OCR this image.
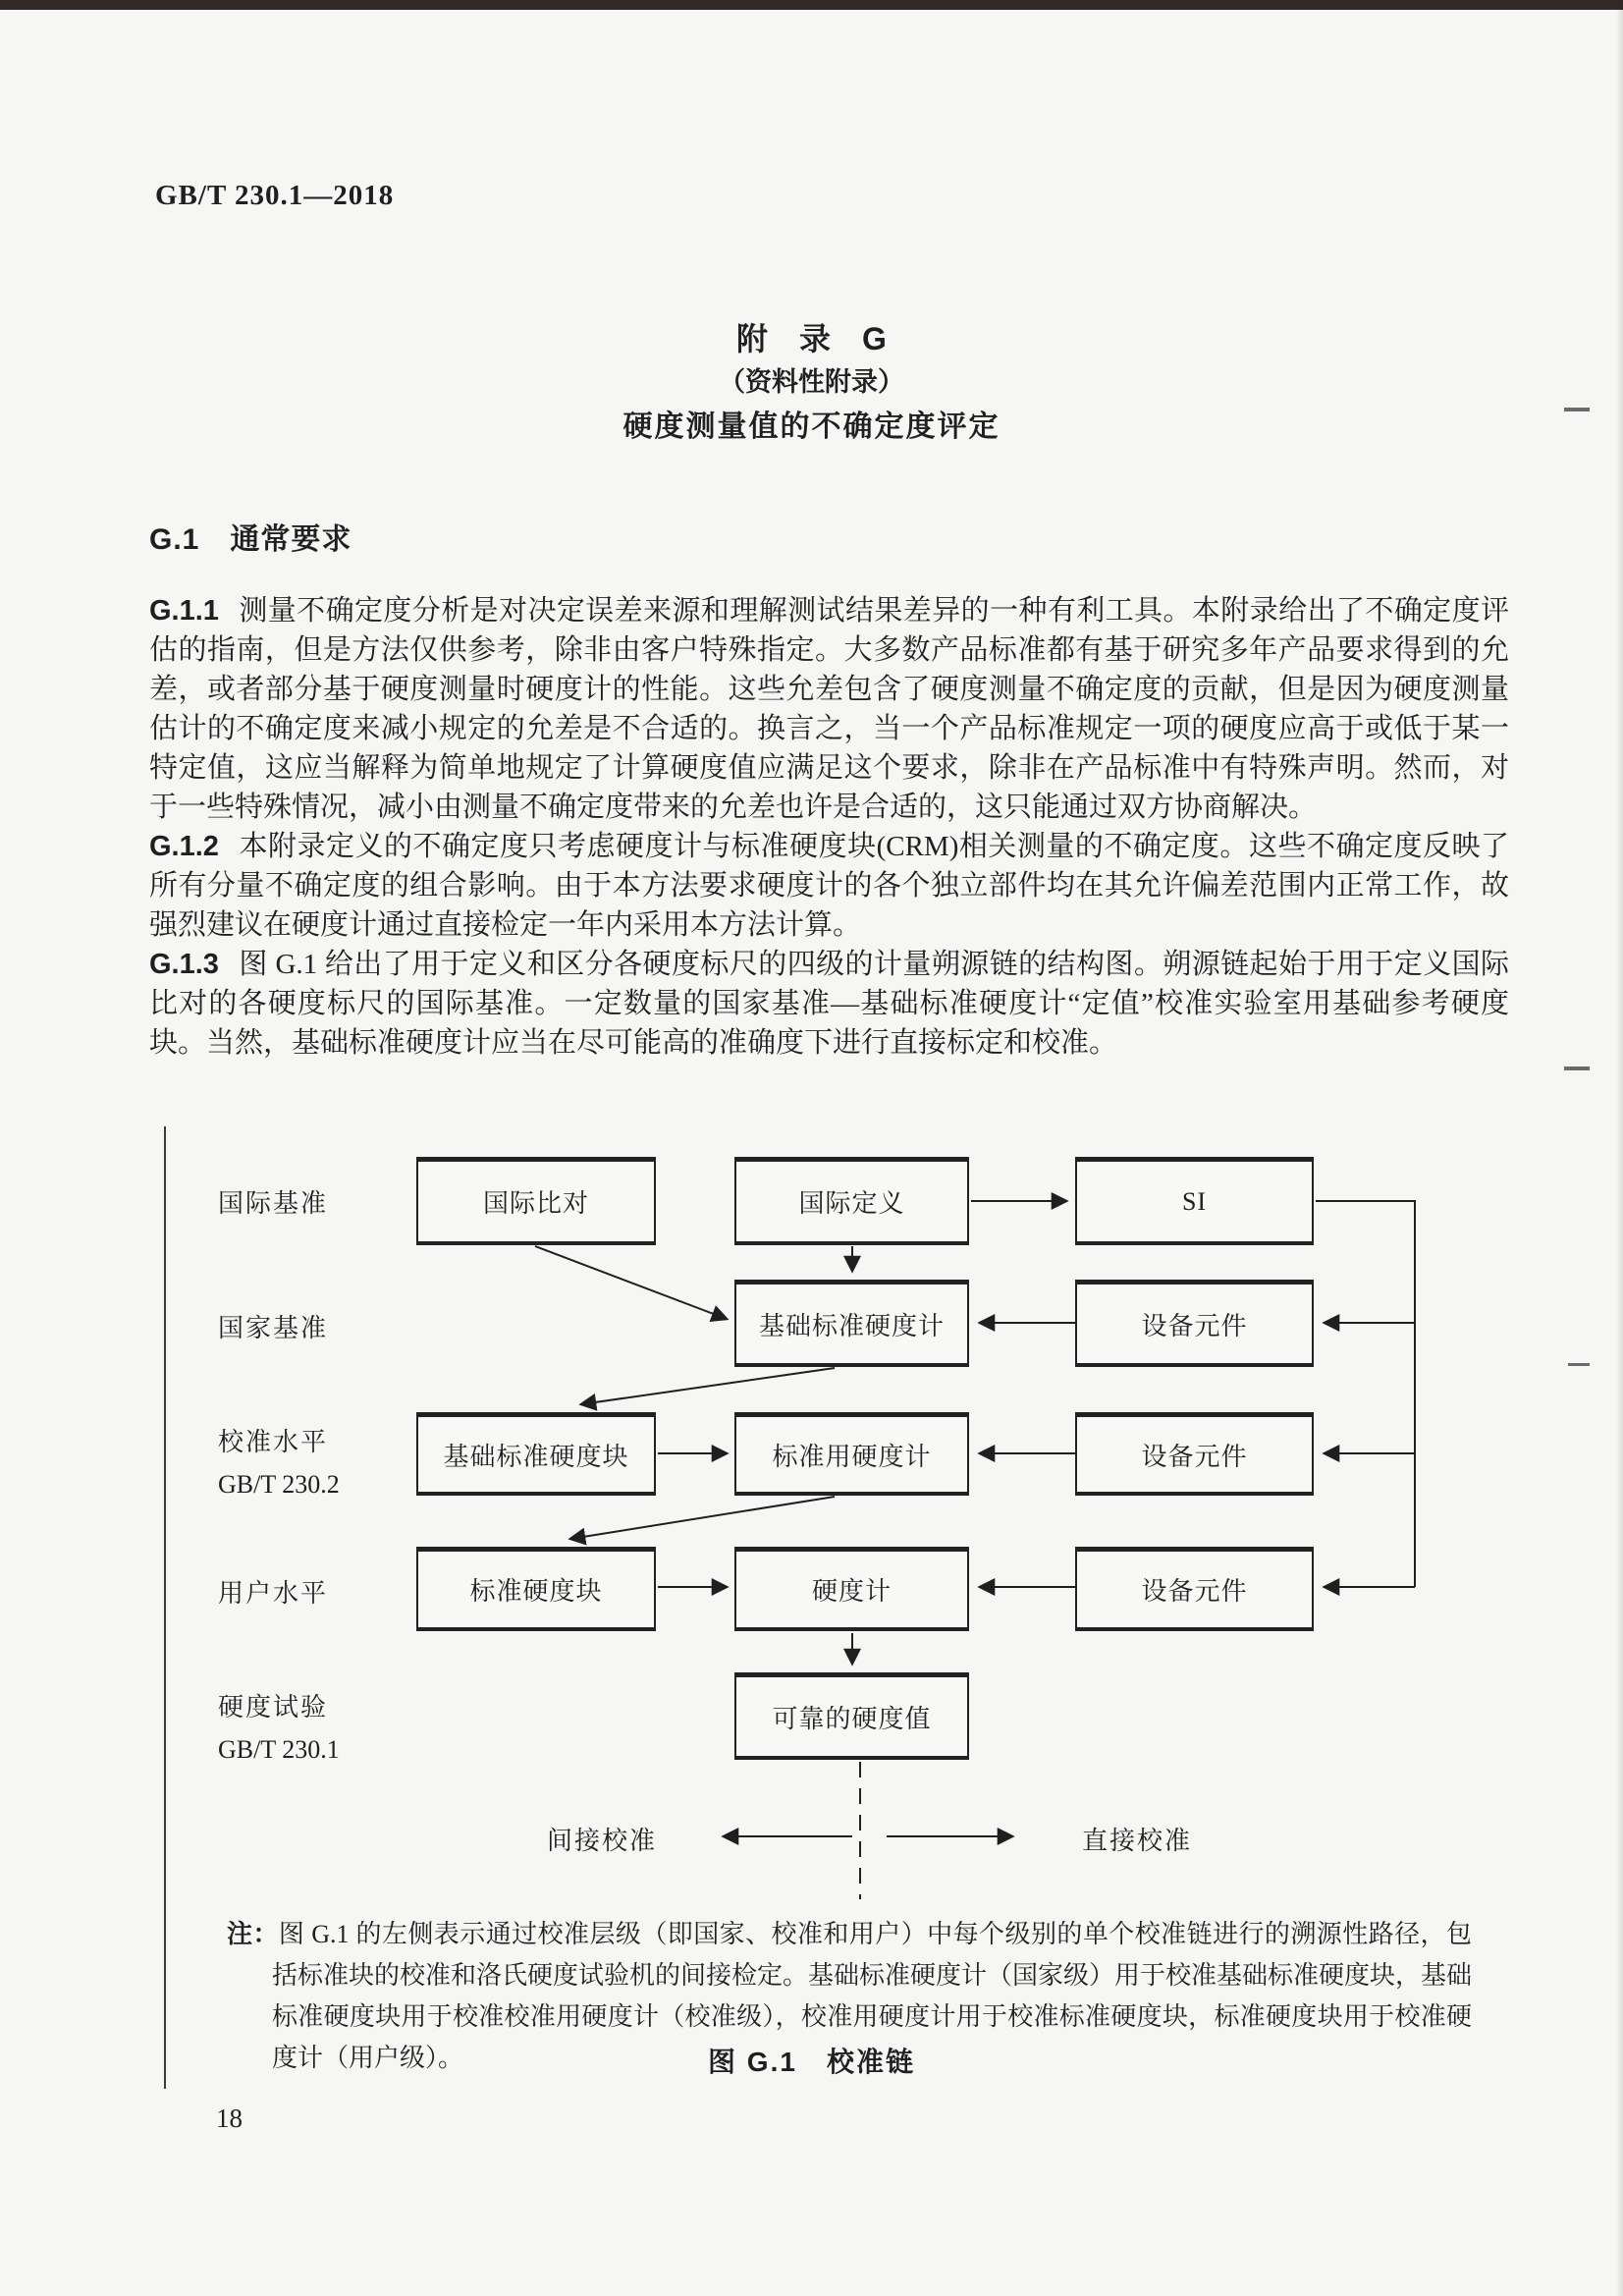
GB/T 230.1—2018
附　录　G
（资料性附录）
硬度测量值的不确定度评定
G.1　通常要求

G.1.1 测量不确定度分析是对决定误差来源和理解测试结果差异的一种有利工具。本附录给出了不确定度评估的指南，但是方法仅供参考，除非由客户特殊指定。大多数产品标准都有基于研究多年产品要求得到的允差，或者部分基于硬度测量时硬度计的性能。这些允差包含了硬度测量不确定度的贡献，但是因为硬度测量估计的不确定度来减小规定的允差是不合适的。换言之，当一个产品标准规定一项的硬度应高于或低于某一特定值，这应当解释为简单地规定了计算硬度值应满足这个要求，除非在产品标准中有特殊声明。然而，对于一些特殊情况，减小由测量不确定度带来的允差也许是合适的，这只能通过双方协商解决。

G.1.2 本附录定义的不确定度只考虑硬度计与标准硬度块(CRM)相关测量的不确定度。这些不确定度反映了所有分量不确定度的组合影响。由于本方法要求硬度计的各个独立部件均在其允许偏差范围内正常工作，故强烈建议在硬度计通过直接检定一年内采用本方法计算。

G.1.3 图 G.1 给出了用于定义和区分各硬度标尺的四级的计量朔源链的结构图。朔源链起始于用于定义国际比对的各硬度标尺的国际基准。一定数量的国家基准—基础标准硬度计“定值”校准实验室用基础参考硬度块。当然，基础标准硬度计应当在尽可能高的准确度下进行直接标定和校准。

国际基准
国家基准
校准水平
GB/T 230.2
用户水平
硬度试验
GB/T 230.1
国际比对	国际定义	SI
基础标准硬度计	设备元件
基础标准硬度块	标准用硬度计	设备元件
标准硬度块	硬度计	设备元件
可靠的硬度值
间接校准	直接校准

注：图 G.1 的左侧表示通过校准层级（即国家、校准和用户）中每个级别的单个校准链进行的溯源性路径，包括标准块的校准和洛氏硬度试验机的间接检定。基础标准硬度计（国家级）用于校准基础标准硬度块，基础标准硬度块用于校准校准用硬度计（校准级），校准用硬度计用于校准标准硬度块，标准硬度块用于校准硬度计（用户级）。	图 G.1　校准链
18
